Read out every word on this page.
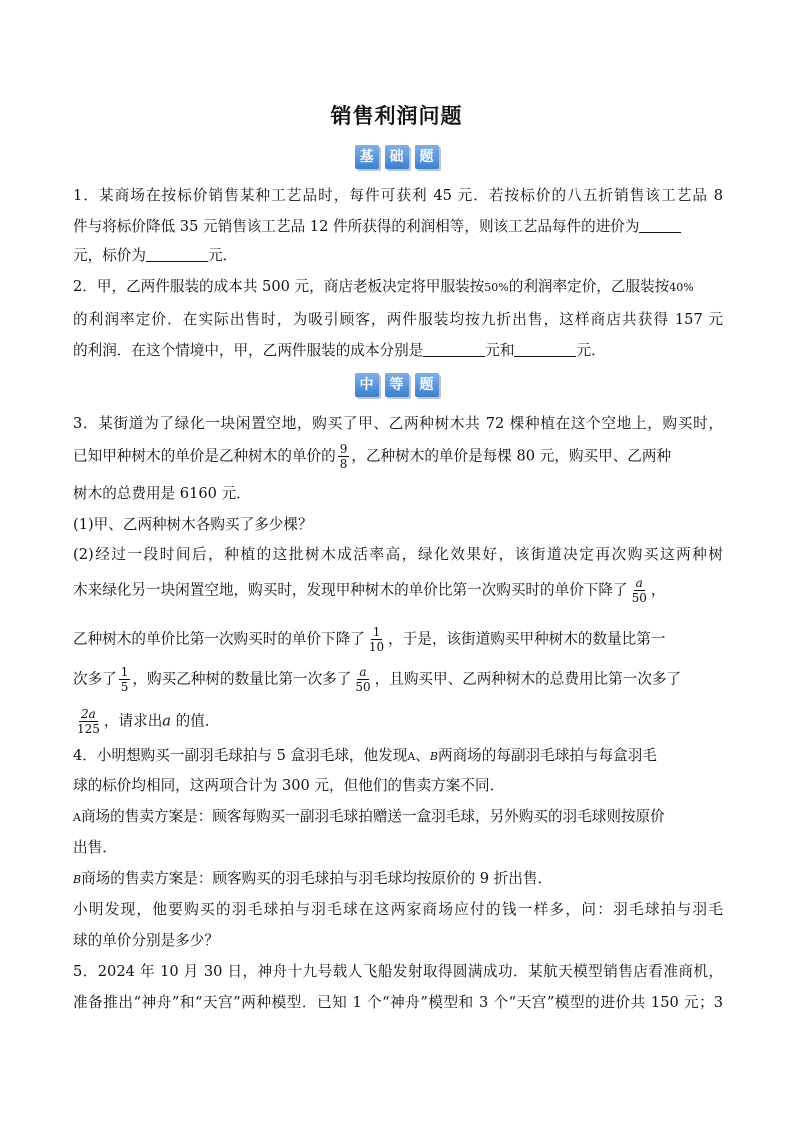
销售利润问题
基 础 题
1．某商场在按标价销售某种工艺品时，每件可获利 45 元．若按标价的八五折销售该工艺品 8
件与将标价降低 35 元销售该工艺品 12 件所获得的利润相等，则该工艺品每件的进价为
元，标价为	元．
2．甲，乙两件服装的成本共 500 元，商店老板决定将甲服装按50%的利润率定价，乙服装按40%
的利润率定价．在实际出售时，为吸引顾客，两件服装均按九折出售，这样商店共获得 157 元
的利润．在这个情境中，甲，乙两件服装的成本分别是	元和	元．
中 等 题
3．某街道为了绿化一块闲置空地，购买了甲、乙两种树木共 72 棵种植在这个空地上，购买时，
已知甲种树木的单价是乙种树木的单价的 $\frac{9}{8}$ ，乙种树木的单价是每棵 80 元，购买甲、乙两种
树木的总费用是 6160 元．
(1)甲、乙两种树木各购买了多少棵？
(2)经过一段时间后，种植的这批树木成活率高，绿化效果好，该街道决定再次购买这两种树
木来绿化另一块闲置空地，购买时，发现甲种树木的单价比第一次购买时的单价下降了 $\frac{a}{50}$ ，
乙种树木的单价比第一次购买时的单价下降了 $\frac{1}{10}$ ，于是，该街道购买甲种树木的数量比第一
次多了 $\frac{1}{5}$ ，购买乙种树的数量比第一次多了 $\frac{a}{50}$ ，且购买甲、乙两种树木的总费用比第一次多了
$\frac{2a}{125}$ ，请求出a 的值．
4．小明想购买一副羽毛球拍与 5 盒羽毛球，他发现A、B两商场的每副羽毛球拍与每盒羽毛
球的标价均相同，这两项合计为 300 元，但他们的售卖方案不同．
A商场的售卖方案是：顾客每购买一副羽毛球拍赠送一盒羽毛球，另外购买的羽毛球则按原价
出售．
B商场的售卖方案是：顾客购买的羽毛球拍与羽毛球均按原价的 9 折出售．
小明发现，他要购买的羽毛球拍与羽毛球在这两家商场应付的钱一样多，问：羽毛球拍与羽毛
球的单价分别是多少？
5．2024 年 10 月 30 日，神舟十九号载人飞船发射取得圆满成功．某航天模型销售店看准商机，
准备推出“神舟”和“天宫”两种模型．已知 1 个“神舟”模型和 3 个“天宫”模型的进价共 150 元；3
